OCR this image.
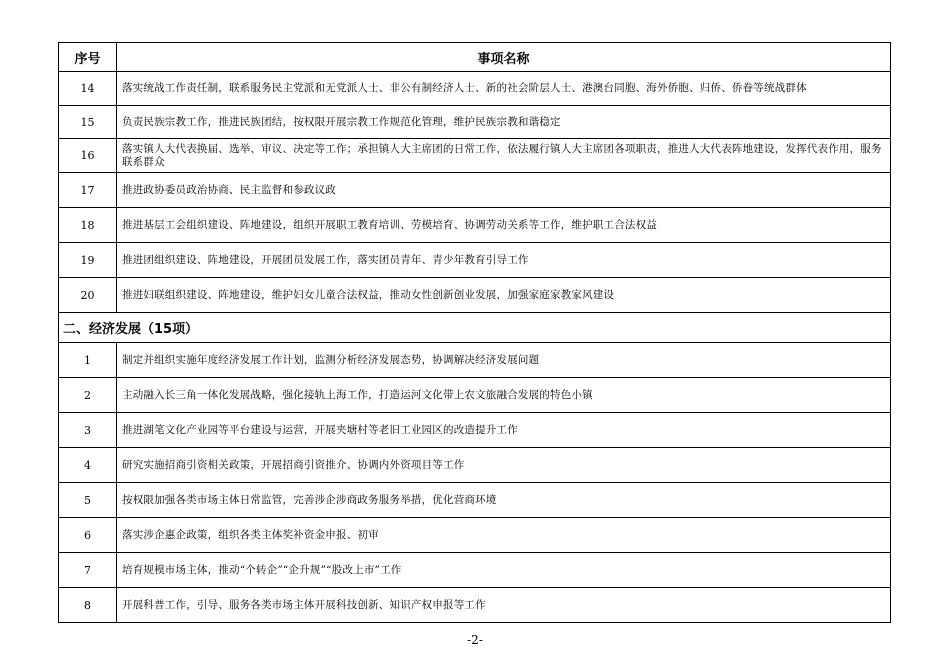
序号	事项名称
14	落实统战工作责任制，联系服务民主党派和无党派人士、非公有制经济人士、新的社会阶层人士、港澳台同胞、海外侨胞、归侨、侨眷等统战群体
15	负责民族宗教工作，推进民族团结，按权限开展宗教工作规范化管理，维护民族宗教和谐稳定
16	落实镇人大代表换届、选举、审议、决定等工作；承担镇人大主席团的日常工作，依法履行镇人大主席团各项职责，推进人大代表阵地建设，发挥代表作用，服务联系群众
17	推进政协委员政治协商、民主监督和参政议政
18	推进基层工会组织建设、阵地建设，组织开展职工教育培训、劳模培育、协调劳动关系等工作，维护职工合法权益
19	推进团组织建设、阵地建设，开展团员发展工作，落实团员青年、青少年教育引导工作
20	推进妇联组织建设、阵地建设，维护妇女儿童合法权益，推动女性创新创业发展，加强家庭家教家风建设
二、经济发展（15项）	
1	制定并组织实施年度经济发展工作计划，监测分析经济发展态势，协调解决经济发展问题
2	主动融入长三角一体化发展战略，强化接轨上海工作，打造运河文化带上农文旅融合发展的特色小镇
3	推进湖笔文化产业园等平台建设与运营，开展夹塘村等老旧工业园区的改造提升工作
4	研究实施招商引资相关政策，开展招商引资推介、协调内外资项目等工作
5	按权限加强各类市场主体日常监管，完善涉企涉商政务服务举措，优化营商环境
6	落实涉企惠企政策，组织各类主体奖补资金申报、初审
7	培育规模市场主体，推动“个转企”“企升规”“股改上市”工作
8	开展科普工作，引导、服务各类市场主体开展科技创新、知识产权申报等工作
-2-
